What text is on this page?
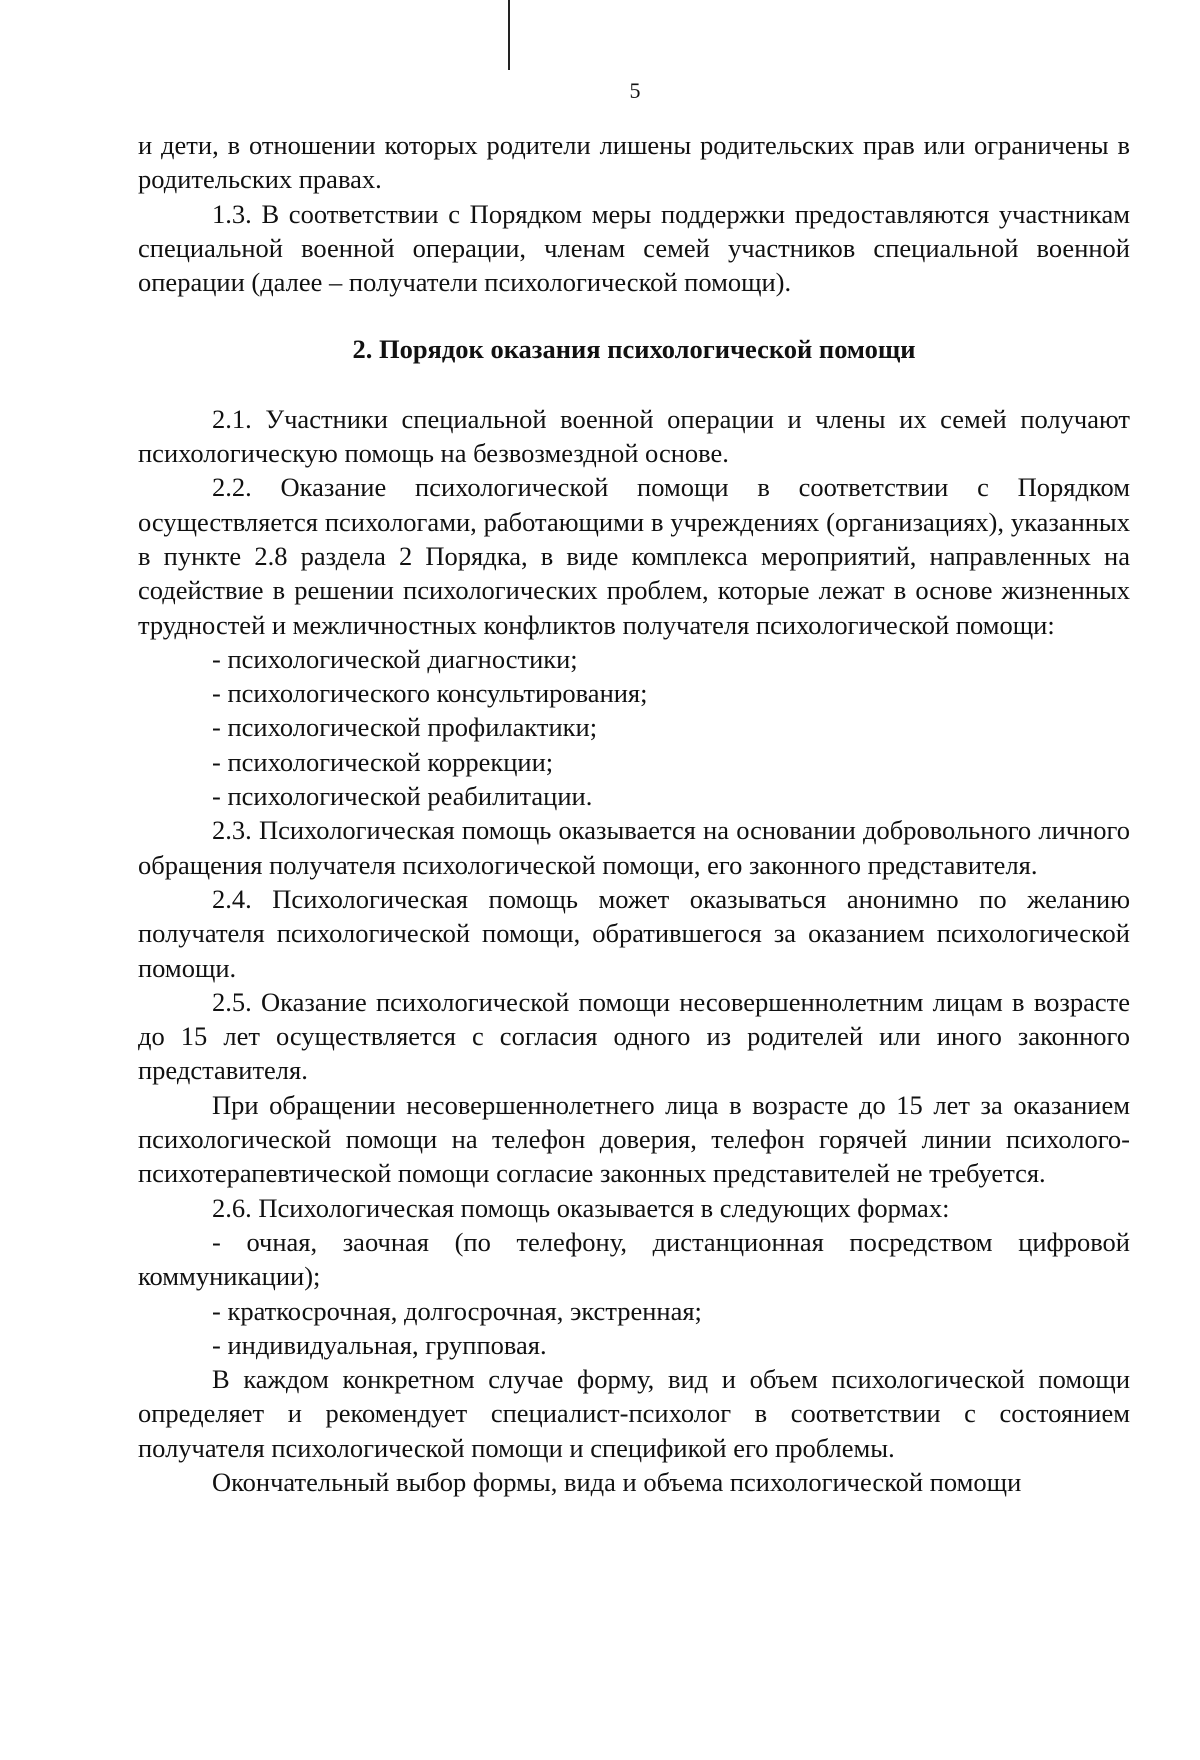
5

и дети, в отношении которых родители лишены родительских прав или ограничены в родительских правах.

1.3. В соответствии с Порядком меры поддержки предоставляются участникам специальной военной операции, членам семей участников специальной военной операции (далее – получатели психологической помощи).

2. Порядок оказания психологической помощи

2.1. Участники специальной военной операции и члены их семей получают психологическую помощь на безвозмездной основе.

2.2. Оказание психологической помощи в соответствии с Порядком осуществляется психологами, работающими в учреждениях (организациях), указанных в пункте 2.8 раздела 2 Порядка, в виде комплекса мероприятий, направленных на содействие в решении психологических проблем, которые лежат в основе жизненных трудностей и межличностных конфликтов получателя психологической помощи:

- психологической диагностики;

- психологического консультирования;

- психологической профилактики;

- психологической коррекции;

- психологической реабилитации.

2.3. Психологическая помощь оказывается на основании добровольного личного обращения получателя психологической помощи, его законного представителя.

2.4. Психологическая помощь может оказываться анонимно по желанию получателя психологической помощи, обратившегося за оказанием психологической помощи.

2.5. Оказание психологической помощи несовершеннолетним лицам в возрасте до 15 лет осуществляется с согласия одного из родителей или иного законного представителя.

При обращении несовершеннолетнего лица в возрасте до 15 лет за оказанием психологической помощи на телефон доверия, телефон горячей линии психолого-психотерапевтической помощи согласие законных представителей не требуется.

2.6. Психологическая помощь оказывается в следующих формах:

- очная, заочная (по телефону, дистанционная посредством цифровой коммуникации);

- краткосрочная, долгосрочная, экстренная;

- индивидуальная, групповая.

В каждом конкретном случае форму, вид и объем психологической помощи определяет и рекомендует специалист-психолог в соответствии с состоянием получателя психологической помощи и спецификой его проблемы.

Окончательный выбор формы, вида и объема психологической помощи
